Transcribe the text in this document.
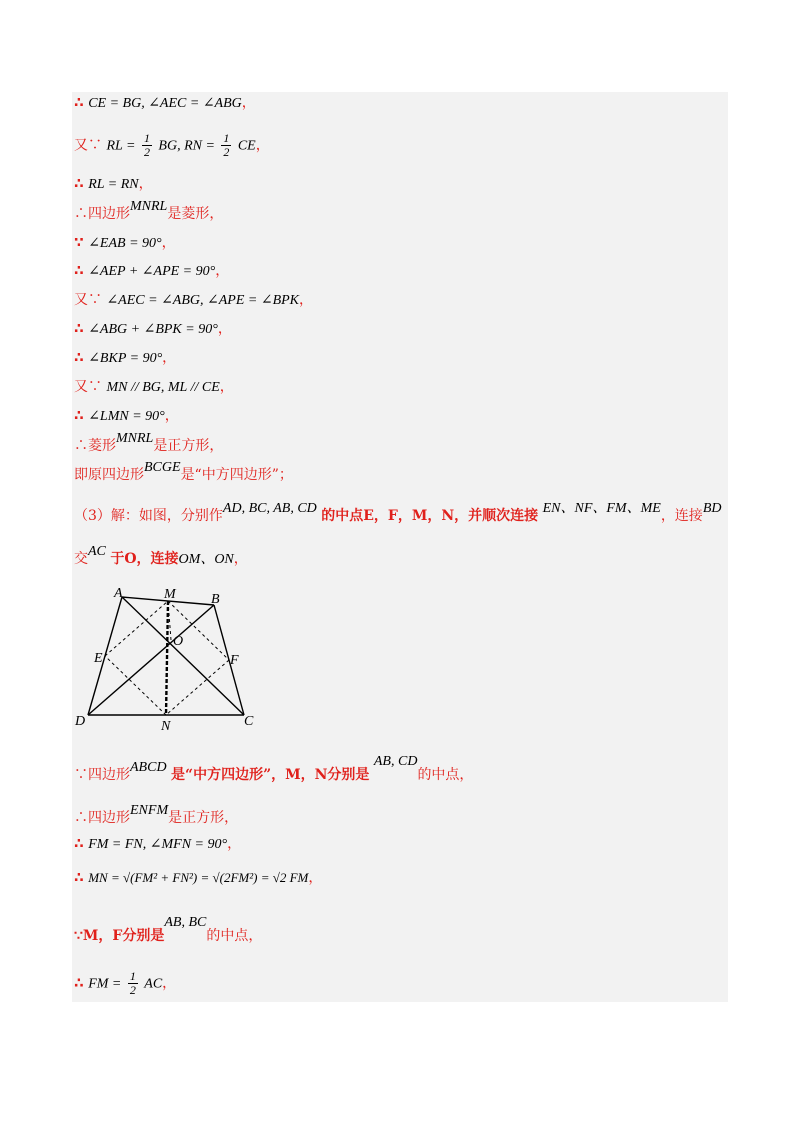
∴ CE = BG, ∠AEC = ∠ABG，
又∵ RL = $\frac{1}{2}$ BG, RN = $\frac{1}{2}$ CE，
∴ RL = RN，
∴四边形MNRL是菱形，
∵ ∠EAB = 90°，
∴ ∠AEP + ∠APE = 90°，
又∵ ∠AEC = ∠ABG, ∠APE = ∠BPK，
∴ ∠ABG + ∠BPK = 90°，
∴ ∠BKP = 90°，
又∵ MN // BG, ML // CE，
∴ ∠LMN = 90°，
∴菱形MNRL是正方形，
即原四边形BCGE是“中方四边形”；
（3）解：如图，分别作AD, BC, AB, CD 的中点E，F，M，N，并顺次连接 EN、NF、FM、ME，连接BD
交AC 于O，连接OM、ON，
A	M	B
O
E	F
D	N	C
∵四边形ABCD 是“中方四边形”，M，N分别是 AB, CD的中点，
∴四边形ENFM是正方形，
∴ FM = FN, ∠MFN = 90°，
∴ MN = √(FM² + FN²) = √(2FM²) = √2 FM，
∵M，F分别是AB, BC的中点，
∴ FM = $\frac{1}{2}$ AC，
